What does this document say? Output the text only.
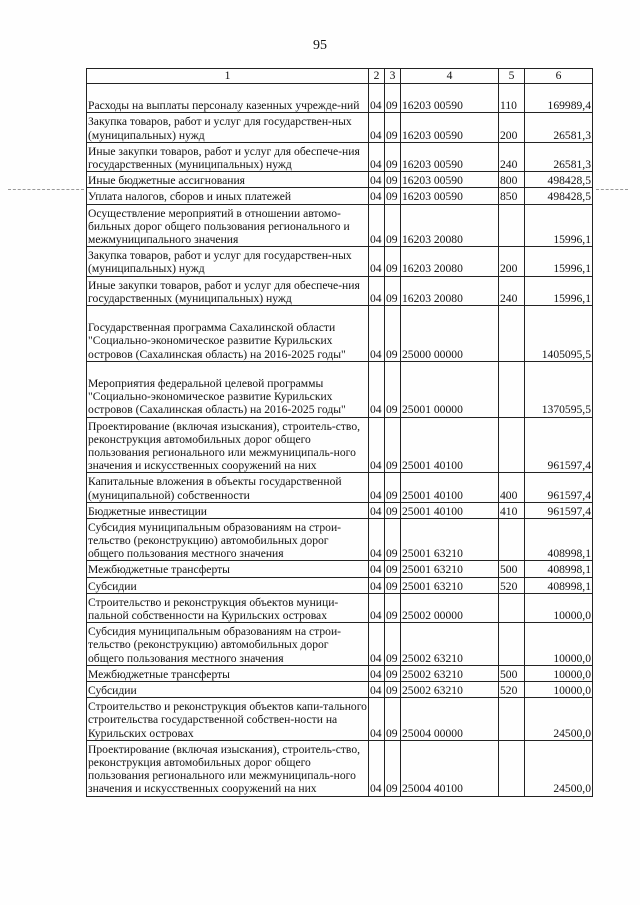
95
1	2	3	4	5	6
Расходы на выплаты персоналу казенных учрежде-ний	04	09	16203 00590	110	169989,4
Закупка товаров, работ и услуг для государствен-ных (муниципальных) нужд	04	09	16203 00590	200	26581,3
Иные закупки товаров, работ и услуг для обеспече-ния государственных (муниципальных) нужд	04	09	16203 00590	240	26581,3
Иные бюджетные ассигнования	04	09	16203 00590	800	498428,5
Уплата налогов, сборов и иных платежей	04	09	16203 00590	850	498428,5
Осуществление мероприятий в отношении автомо-бильных дорог общего пользования регионального и межмуниципального значения	04	09	16203 20080		15996,1
Закупка товаров, работ и услуг для государствен-ных (муниципальных) нужд	04	09	16203 20080	200	15996,1
Иные закупки товаров, работ и услуг для обеспече-ния государственных (муниципальных) нужд	04	09	16203 20080	240	15996,1
Государственная программа Сахалинской области "Социально-экономическое развитие Курильских островов (Сахалинская область) на 2016-2025 годы"	04	09	25000 00000		1405095,5
Мероприятия федеральной целевой программы "Социально-экономическое развитие Курильских островов (Сахалинская область) на 2016-2025 годы"	04	09	25001 00000		1370595,5
Проектирование (включая изыскания), строитель-ство, реконструкция автомобильных дорог общего пользования регионального или межмуниципаль-ного значения и искусственных сооружений на них	04	09	25001 40100		961597,4
Капитальные вложения в объекты государственной (муниципальной) собственности	04	09	25001 40100	400	961597,4
Бюджетные инвестиции	04	09	25001 40100	410	961597,4
Субсидия муниципальным образованиям на строи-тельство (реконструкцию) автомобильных дорог общего пользования местного значения	04	09	25001 63210		408998,1
Межбюджетные трансферты	04	09	25001 63210	500	408998,1
Субсидии	04	09	25001 63210	520	408998,1
Строительство и реконструкция объектов муници-пальной собственности на Курильских островах	04	09	25002 00000		10000,0
Субсидия муниципальным образованиям на строи-тельство (реконструкцию) автомобильных дорог общего пользования местного значения	04	09	25002 63210		10000,0
Межбюджетные трансферты	04	09	25002 63210	500	10000,0
Субсидии	04	09	25002 63210	520	10000,0
Строительство и реконструкция объектов капи-тального строительства государственной собствен-ности на Курильских островах	04	09	25004 00000		24500,0
Проектирование (включая изыскания), строитель-ство, реконструкция автомобильных дорог общего пользования регионального или межмуниципаль-ного значения и искусственных сооружений на них	04	09	25004 40100		24500,0
